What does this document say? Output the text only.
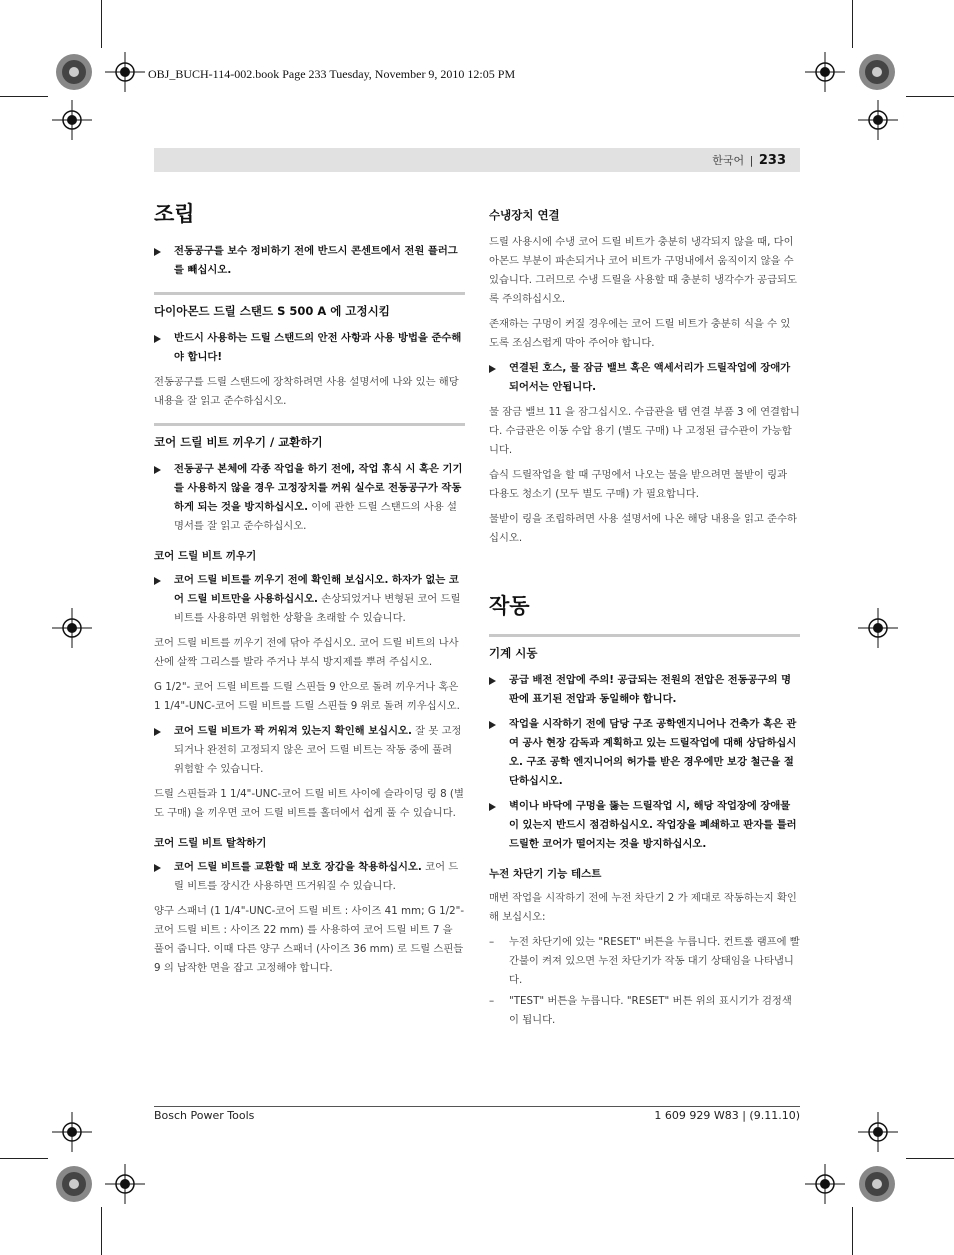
OBJ_BUCH-114-002.book Page 233 Tuesday, November 9, 2010 12:05 PM
한국어 | 233
조립
전동공구를 보수 정비하기 전에 반드시 콘센트에서 전원 플러그를 빼십시오.
다이아몬드 드릴 스탠드 S 500 A 에 고정시킴
반드시 사용하는 드릴 스탠드의 안전 사항과 사용 방법을 준수해야 합니다!
전동공구를 드릴 스탠드에 장착하려면 사용 설명서에 나와 있는 해당 내용을 잘 읽고 준수하십시오.
코어 드릴 비트 끼우기 / 교환하기
전동공구 본체에 각종 작업을 하기 전에, 작업 휴식 시 혹은 기기를 사용하지 않을 경우 고정장치를 꺼워 실수로 전동공구가 작동하게 되는 것을 방지하십시오. 이에 관한 드릴 스탠드의 사용 설명서를 잘 읽고 준수하십시오.
코어 드릴 비트 끼우기
코어 드릴 비트를 끼우기 전에 확인해 보십시오. 하자가 없는 코어 드릴 비트만을 사용하십시오. 손상되었거나 변형된 코어 드릴 비트를 사용하면 위험한 상황을 초래할 수 있습니다.
코어 드릴 비트를 끼우기 전에 닦아 주십시오. 코어 드릴 비트의 나사산에 살짝 그리스를 발라 주거나 부식 방지제를 뿌려 주십시오.
G 1/2"- 코어 드릴 비트를 드릴 스핀들 9 안으로 돌려 끼우거나 혹은 1 1/4"-UNC-코어 드릴 비트를 드릴 스핀들 9 위로 돌려 끼우십시오.
코어 드릴 비트가 꽉 꺼워져 있는지 확인해 보십시오. 잘 못 고정되거나 완전히 고정되지 않은 코어 드릴 비트는 작동 중에 풀려 위험할 수 있습니다.
드릴 스핀들과 1 1/4"-UNC-코어 드릴 비트 사이에 슬라이딩 링 8 (별도 구매) 을 끼우면 코어 드릴 비트를 홀더에서 쉽게 풀 수 있습니다.
코어 드릴 비트 탈착하기
코어 드릴 비트를 교환할 때 보호 장갑을 착용하십시오. 코어 드릴 비트를 장시간 사용하면 뜨거워질 수 있습니다.
양구 스패너 (1 1/4"-UNC-코어 드릴 비트 : 사이즈 41 mm; G 1/2"- 코어 드릴 비트 : 사이즈 22 mm) 를 사용하여 코어 드릴 비트 7 을 풀어 줍니다. 이때 다른 양구 스패너 (사이즈 36 mm) 로 드릴 스핀들 9 의 납작한 면을 잡고 고정해야 합니다.
수냉장치 연결
드릴 사용시에 수냉 코어 드릴 비트가 충분히 냉각되지 않을 때, 다이아몬드 부분이 파손되거나 코어 비트가 구멍내에서 움직이지 않을 수 있습니다. 그러므로 수냉 드릴을 사용할 때 충분히 냉각수가 공급되도록 주의하십시오.
존재하는 구멍이 커질 경우에는 코어 드릴 비트가 충분히 식을 수 있도록 조심스럽게 막아 주어야 합니다.
연결된 호스, 물 잠금 밸브 혹은 액세서리가 드릴작업에 장애가 되어서는 안됩니다.
물 잠금 밸브 11 을 잠그십시오. 수급관을 탭 연결 부품 3 에 연결합니다. 수급관은 이동 수압 용기 (별도 구매) 나 고정된 급수관이 가능합니다.
습식 드릴작업을 할 때 구멍에서 나오는 물을 받으려면 물받이 링과 다용도 청소기 (모두 별도 구매) 가 필요합니다.
물받이 링을 조립하려면 사용 설명서에 나온 해당 내용을 읽고 준수하십시오.
작동
기계 시동
공급 배전 전압에 주의! 공급되는 전원의 전압은 전동공구의 명판에 표기된 전압과 동일해야 합니다.
작업을 시작하기 전에 담당 구조 공학엔지니어나 건축가 혹은 관여 공사 현장 감독과 계획하고 있는 드릴작업에 대해 상담하십시오. 구조 공학 엔지니어의 허가를 받은 경우에만 보강 철근을 절단하십시오.
벽이나 바닥에 구멍을 뚫는 드릴작업 시, 해당 작업장에 장애물이 있는지 반드시 점검하십시오. 작업장을 폐쇄하고 판자를 틀러 드릴한 코어가 떨어지는 것을 방지하십시오.
누전 차단기 기능 테스트
매번 작업을 시작하기 전에 누전 차단기 2 가 제대로 작동하는지 확인해 보십시오:
– 누전 차단기에 있는 "RESET" 버튼을 누릅니다. 컨트롤 램프에 빨간불이 켜져 있으면 누전 차단기가 작동 대기 상태임을 나타냅니다.
– "TEST" 버튼을 누릅니다. "RESET" 버튼 위의 표시기가 검정색이 됩니다.
Bosch Power Tools	1 609 929 W83 | (9.11.10)
